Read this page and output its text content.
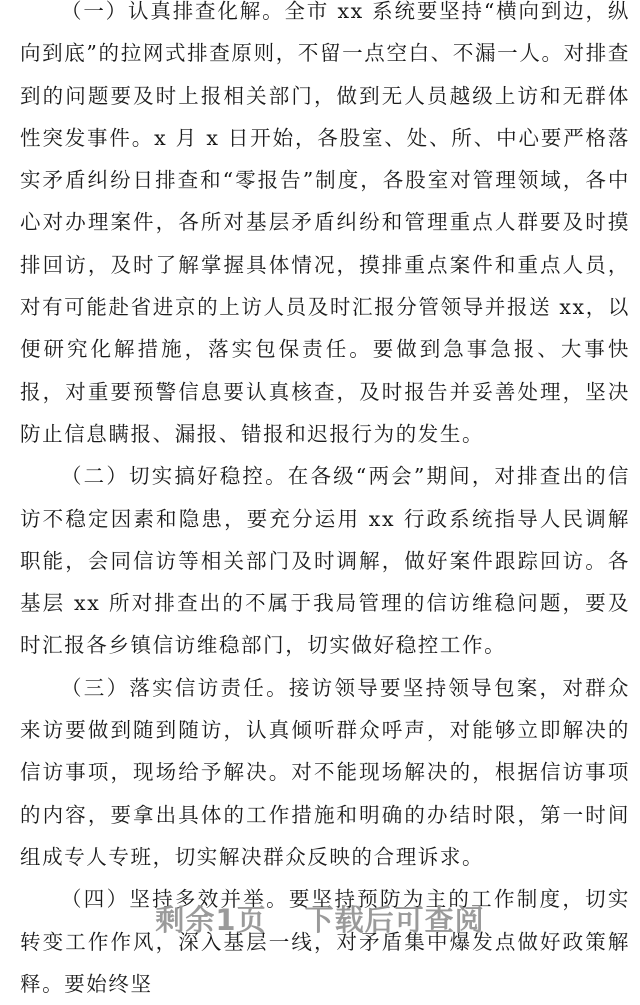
（一）认真排查化解。全市 xx 系统要坚持“横向到边，纵向到底”的拉网式排查原则，不留一点空白、不漏一人。对排查到的问题要及时上报相关部门，做到无人员越级上访和无群体性突发事件。x 月 x 日开始，各股室、处、所、中心要严格落实矛盾纠纷日排查和“零报告”制度，各股室对管理领域，各中心对办理案件，各所对基层矛盾纠纷和管理重点人群要及时摸排回访，及时了解掌握具体情况，摸排重点案件和重点人员，对有可能赴省进京的上访人员及时汇报分管领导并报送 xx，以便研究化解措施，落实包保责任。要做到急事急报、大事快报，对重要预警信息要认真核查，及时报告并妥善处理，坚决防止信息瞒报、漏报、错报和迟报行为的发生。

（二）切实搞好稳控。在各级“两会”期间，对排查出的信访不稳定因素和隐患，要充分运用 xx 行政系统指导人民调解职能，会同信访等相关部门及时调解，做好案件跟踪回访。各基层 xx 所对排查出的不属于我局管理的信访维稳问题，要及时汇报各乡镇信访维稳部门，切实做好稳控工作。

（三）落实信访责任。接访领导要坚持领导包案，对群众来访要做到随到随访，认真倾听群众呼声，对能够立即解决的信访事项，现场给予解决。对不能现场解决的，根据信访事项的内容，要拿出具体的工作措施和明确的办结时限，第一时间组成专人专班，切实解决群众反映的合理诉求。

（四）坚持多效并举。要坚持预防为主的工作制度，切实转变工作作风，深入基层一线，对矛盾集中爆发点做好政策解释。要始终坚

剩余1页 下载后可查阅
